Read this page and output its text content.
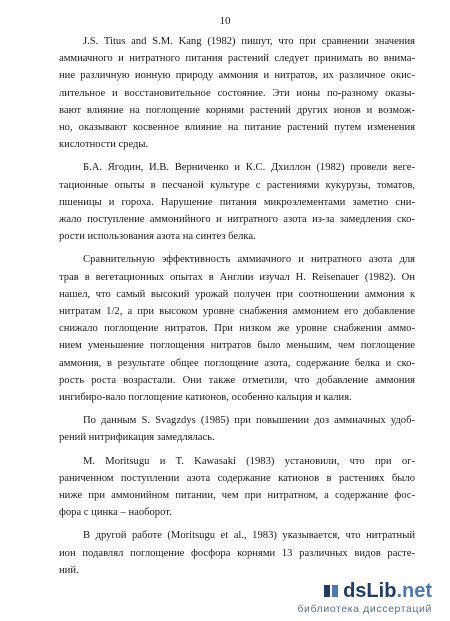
10

J.S. Titus and S.M. Kang (1982) пишут, что при сравнении значения
аммиачного и нитратного питания растений следует принимать во внима-
ние различную ионную природу аммония и нитратов, их различное окис-
лительное и восстановительное состояние. Эти ионы по-разному оказы-
вают влияние на поглощение корнями растений других ионов и возмож-
но, оказывают косвенное влияние на питание растений путем изменения
кислотности среды.

Б.А. Ягодин, И.В. Верниченко и К.С. Дхиллон (1982) провели веге-
тационные опыты в песчаной культуре с растениями кукурузы, томатов,
пшеницы и гороха. Нарушение питания микроэлементами заметно сни-
жало поступление аммонийного и нитратного азота из-за замедления ско-
рости использования азота на синтез белка.

Сравнительную эффективность аммиачного и нитратного азота для
трав в вегетационных опытах в Англии изучал H. Reisenauer (1982). Он
нашел, что самый высокий урожай получен при соотношении аммония к
нитратам 1/2, а при высоком уровне снабжения аммонием его добавление
снижало поглощение нитратов. При низком же уровне снабжения аммо-
нием уменьшение поглощения нитратов было меньшим, чем поглощение
аммония, в результате общее поглощение азота, содержание белка и ско-
рость роста возрастали. Они также отметили, что добавление аммония
ингибиро-вало поглощение катионов, особенно кальция и калия.

По данным S. Svagzdys (1985) при повышении доз аммиачных удоб-
рений нитрификация замедлялась.

M. Moritsugu и T. Kawasaki (1983) установили, что при ог-
раниченном поступлении азота содержание катионов в растениях было
ниже при аммонийном питании, чем при нитратном, а содержание фос-
фора с цинка – наоборот.

В другой работе (Moritsugu et al., 1983) указывается, что нитратный
ион подавлял поглощение фосфора корнями 13 различных видов расте-
ний.

dsLib.net
библиотека диссертаций
